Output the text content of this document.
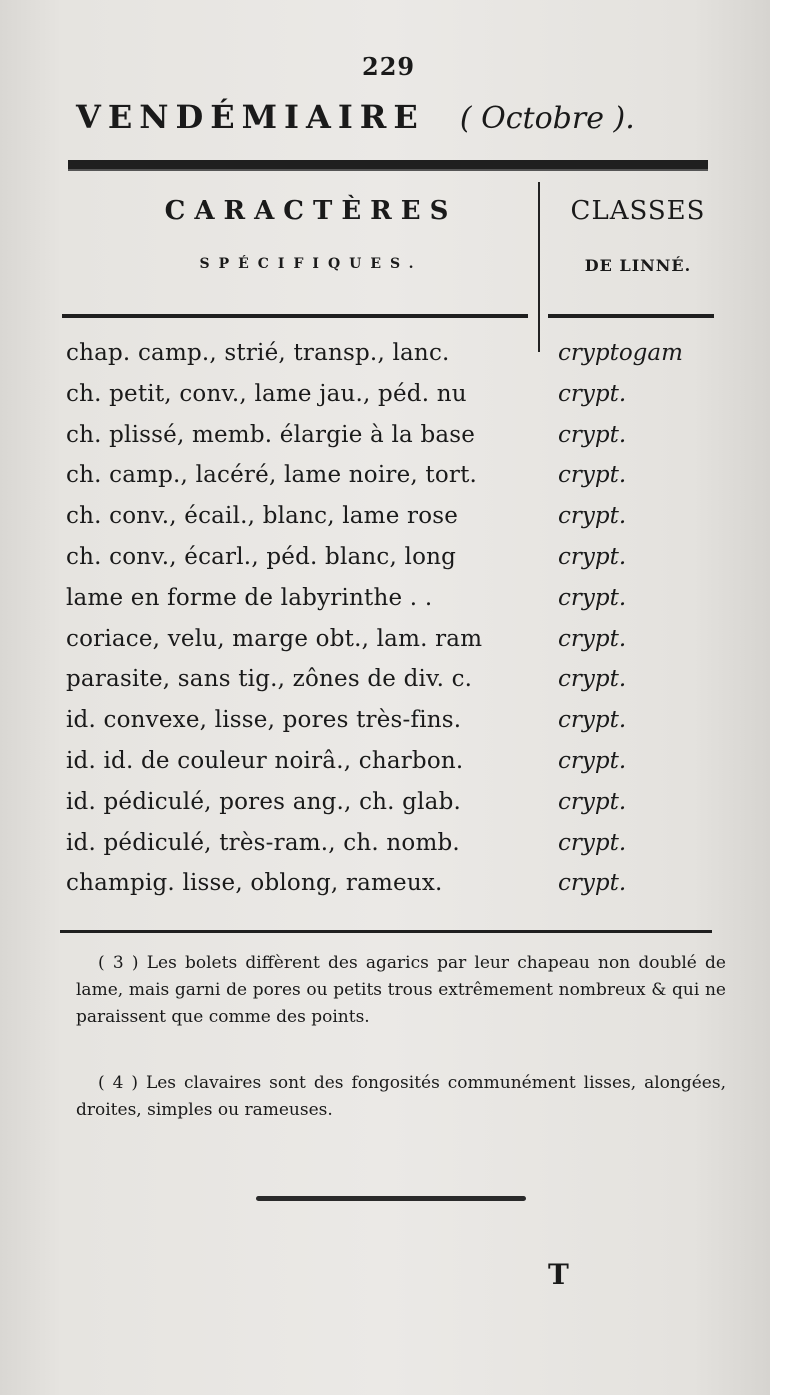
229
VENDÉMIAIRE ( Octobre ).
CARACTÈRES
SPÉCIFIQUES.
CLASSES
DE LINNÉ.
chap. camp., strié, transp., lanc.	cryptogam
ch. petit, conv., lame jau., péd. nu	crypt.
ch. plissé, memb. élargie à la base	crypt.
ch. camp., lacéré, lame noire, tort.	crypt.
ch. conv., écail., blanc, lame rose	crypt.
ch. conv., écarl., péd. blanc, long	crypt.
lame en forme de labyrinthe . .	crypt.
coriace, velu, marge obt., lam. ram	crypt.
parasite, sans tig., zônes de div. c.	crypt.
id. convexe, lisse, pores très-fins.	crypt.
id. id. de couleur noirâ., charbon.	crypt.
id. pédiculé, pores ang., ch. glab.	crypt.
id. pédiculé, très-ram., ch. nomb.	crypt.
champig. lisse, oblong, rameux.	crypt.

( 3 ) Les bolets diffèrent des agarics par leur chapeau non doublé de lame, mais garni de pores ou petits trous extrêmement nombreux & qui ne paraissent que comme des points.

( 4 ) Les clavaires sont des fongosités communément lisses, alongées, droites, simples ou rameuses.

T
